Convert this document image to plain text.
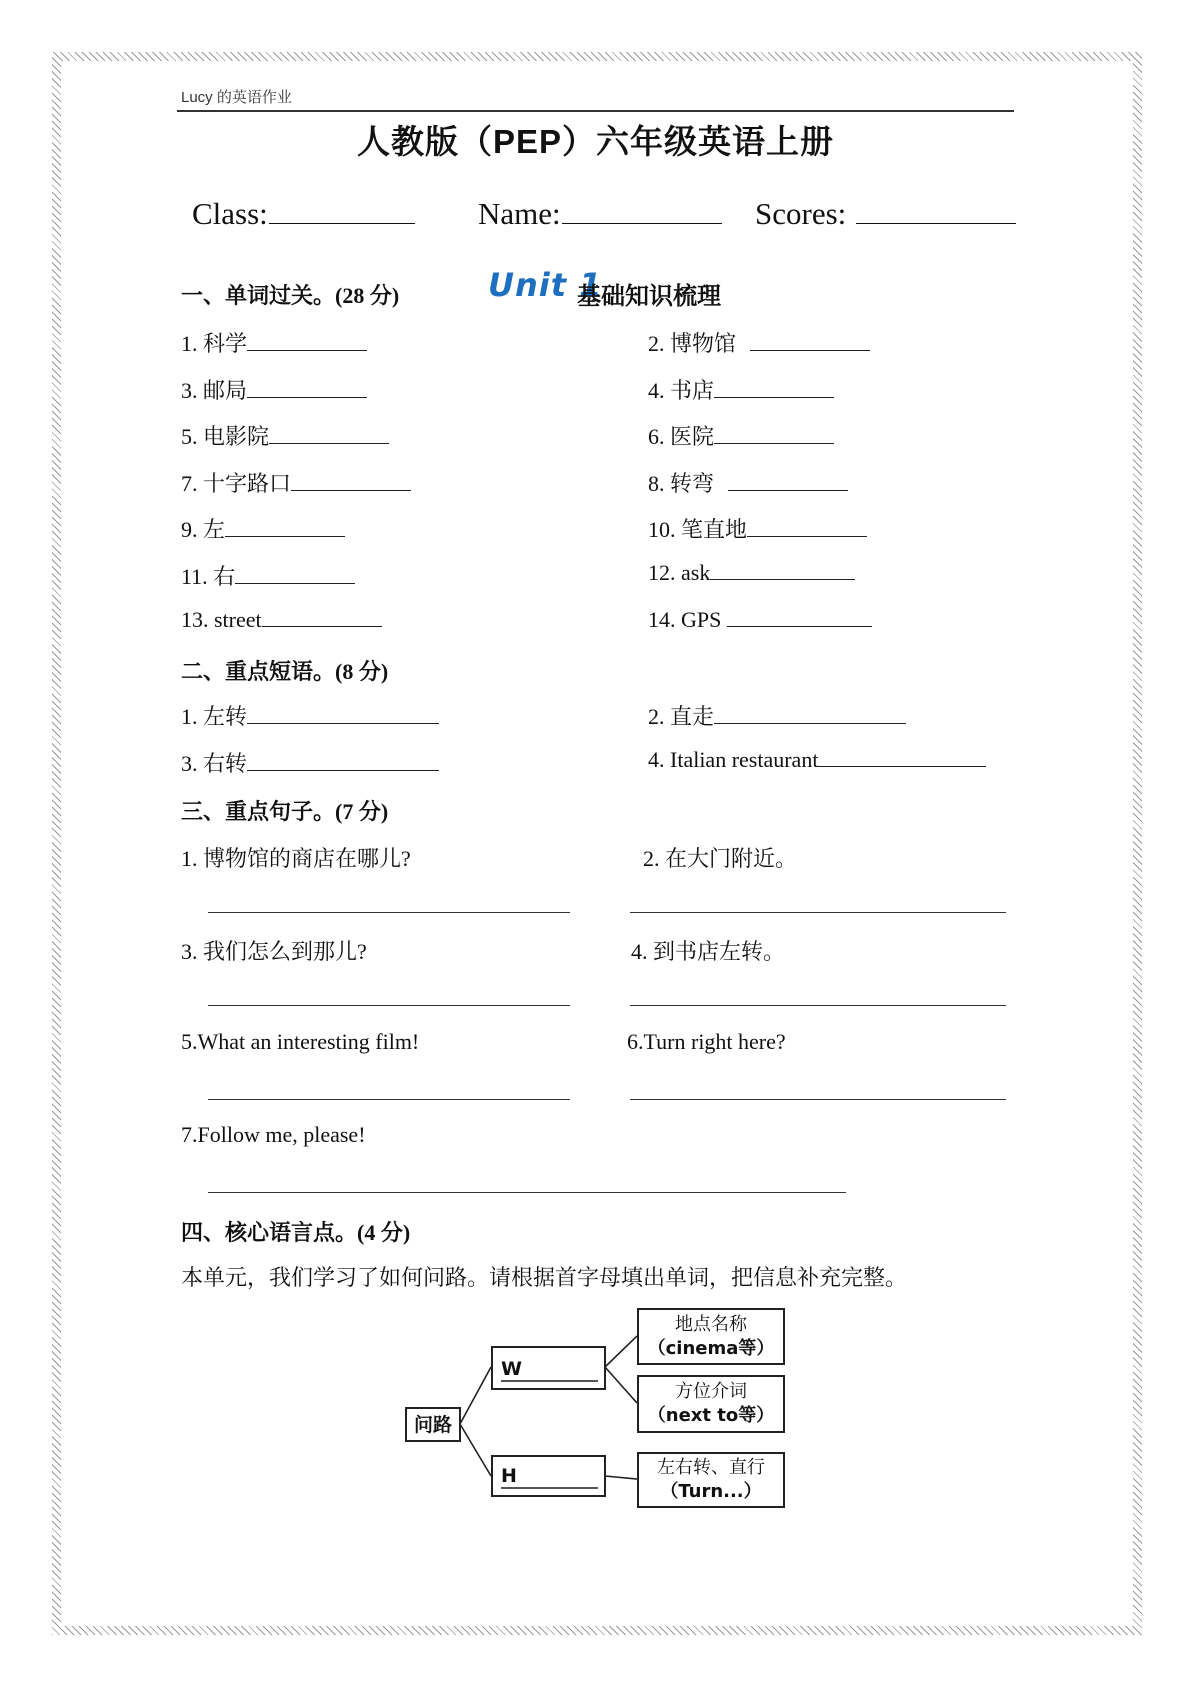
Lucy 的英语作业
人教版（PEP）六年级英语上册
Class:	Name:	Scores:
一、单词过关。(28 分)	Unit 1
基础知识梳理
1. 科学	2. 博物馆
3. 邮局	4. 书店
5. 电影院	6. 医院
7. 十字路口	8. 转弯
9. 左	10. 笔直地
11. 右	12. ask
13. street	14. GPS
二、重点短语。(8 分)
1. 左转	2. 直走
3. 右转	4. Italian restaurant
三、重点句子。(7 分)
1. 博物馆的商店在哪儿?	2. 在大门附近。
3. 我们怎么到那儿?	4. 到书店左转。
5.What an interesting film!	6.Turn right here?
7.Follow me, please!
四、核心语言点。(4 分)
本单元，我们学习了如何问路。请根据首字母填出单词，把信息补充完整。
问路
W
H
地点名称
（cinema等）
方位介词
（next to等）
左右转、直行
（Turn...）
